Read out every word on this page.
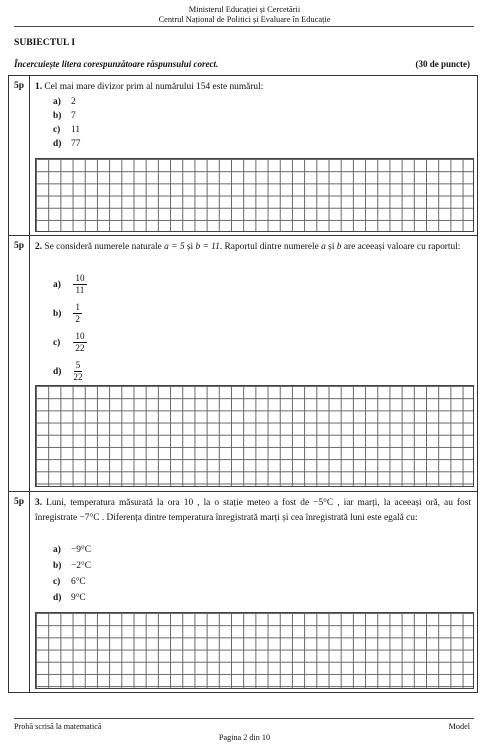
Ministerul Educației și Cercetării
Centrul Național de Politici și Evaluare în Educație
SUBIECTUL I
Încercuiește litera corespunzătoare răspunsului corect.	(30 de puncte)
5p	1. Cel mai mare divizor prim al numărului 154 este numărul:
a) 2
b) 7
c) 11
d) 77
5p	2. Se consideră numerele naturale a = 5 și b = 11. Raportul dintre numerele a și b are aceeași valoare cu raportul:
$a) \frac{10}{11}$
$b) \frac{1}{2}$
$c) \frac{10}{22}$
$d) \frac{5}{22}$
5p	3. Luni, temperatura măsurată la ora 10 , la o stație meteo a fost de −5°C , iar marți, la aceeași oră, au fost înregistrate −7°C . Diferența dintre temperatura înregistrată marți și cea înregistrată luni este egală cu:
a) −9°C
b) −2°C
c) 6°C
d) 9°C
Probă scrisă la matematică	Model
Pagina 2 din 10
